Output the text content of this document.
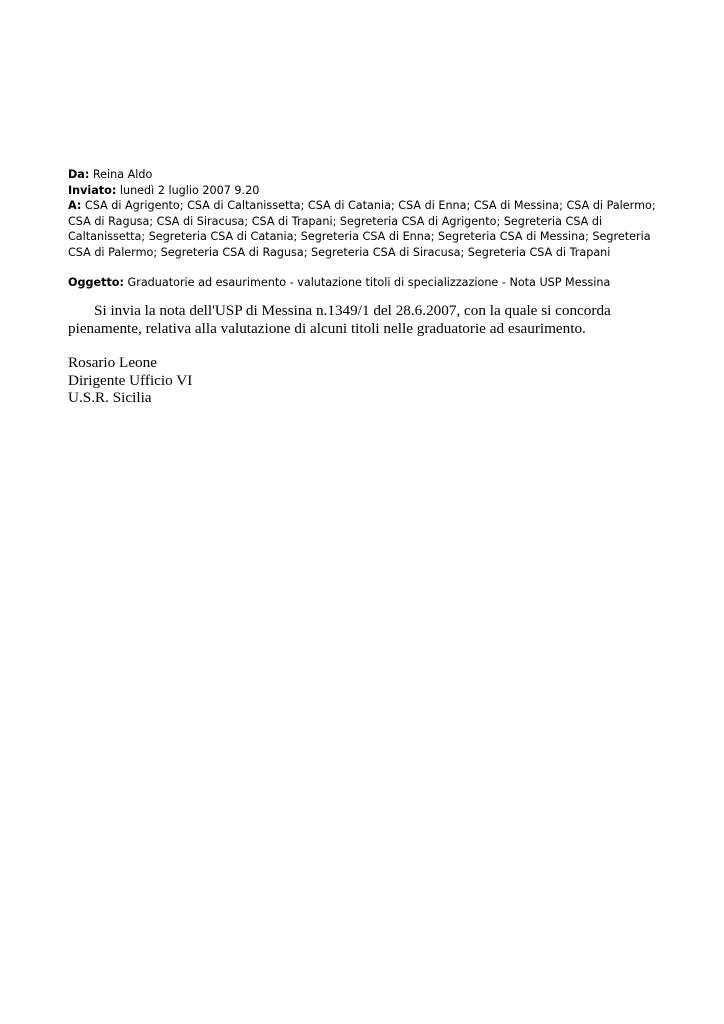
Da: Reina Aldo

Inviato: lunedì 2 luglio 2007 9.20

A: CSA di Agrigento; CSA di Caltanissetta; CSA di Catania; CSA di Enna; CSA di Messina; CSA di Palermo; CSA di Ragusa; CSA di Siracusa; CSA di Trapani; Segreteria CSA di Agrigento; Segreteria CSA di Caltanissetta; Segreteria CSA di Catania; Segreteria CSA di Enna; Segreteria CSA di Messina; Segreteria CSA di Palermo; Segreteria CSA di Ragusa; Segreteria CSA di Siracusa; Segreteria CSA di Trapani

Oggetto: Graduatorie ad esaurimento - valutazione titoli di specializzazione - Nota USP Messina

Si invia la nota dell'USP di Messina n.1349/1 del 28.6.2007, con la quale si concorda pienamente, relativa alla valutazione di alcuni titoli nelle graduatorie ad esaurimento.

Rosario Leone

Dirigente Ufficio VI

U.S.R. Sicilia
